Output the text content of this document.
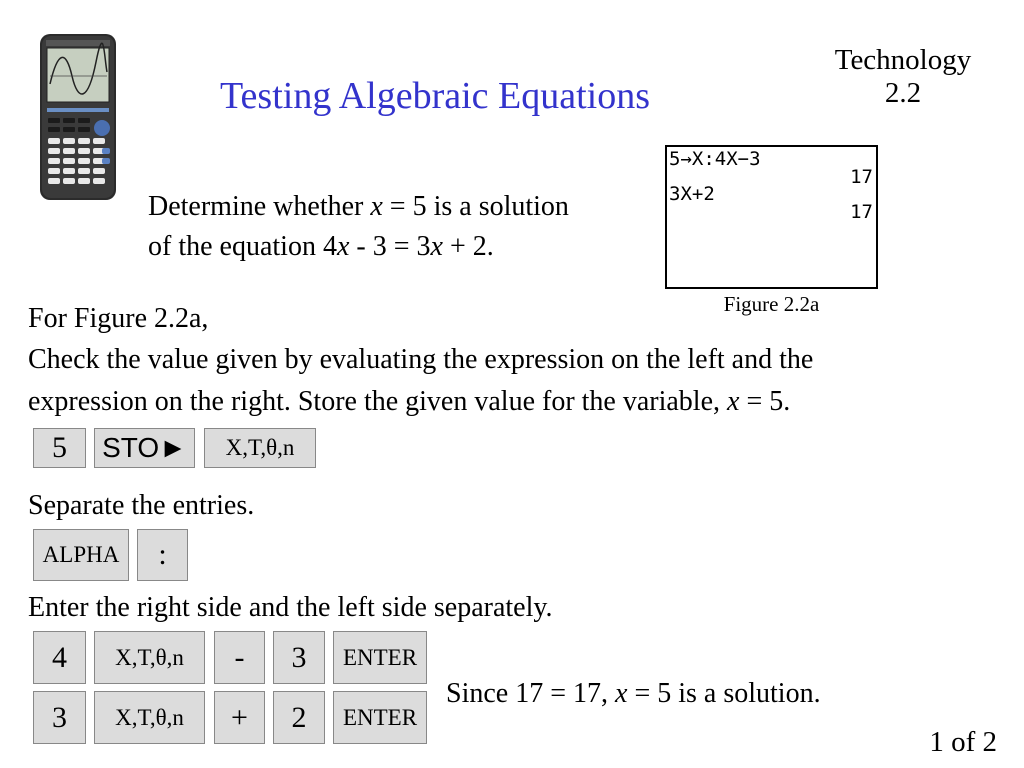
Testing Algebraic Equations
Technology
2.2
Determine whether x = 5 is a solution
of the equation 4x - 3 = 3x + 2.
5→X:4X−3
17
3X+2
17
Figure 2.2a
For Figure 2.2a,
Check the value given by evaluating the expression on the left and the
expression on the right. Store the given value for the variable, x = 5.
5	STO►	X,T,θ,n
Separate the entries.
ALPHA	:
Enter the right side and the left side separately.
4	X,T,θ,n	-	3	ENTER
3	X,T,θ,n	+	2	ENTER
Since 17 = 17, x = 5 is a solution.
1 of 2
